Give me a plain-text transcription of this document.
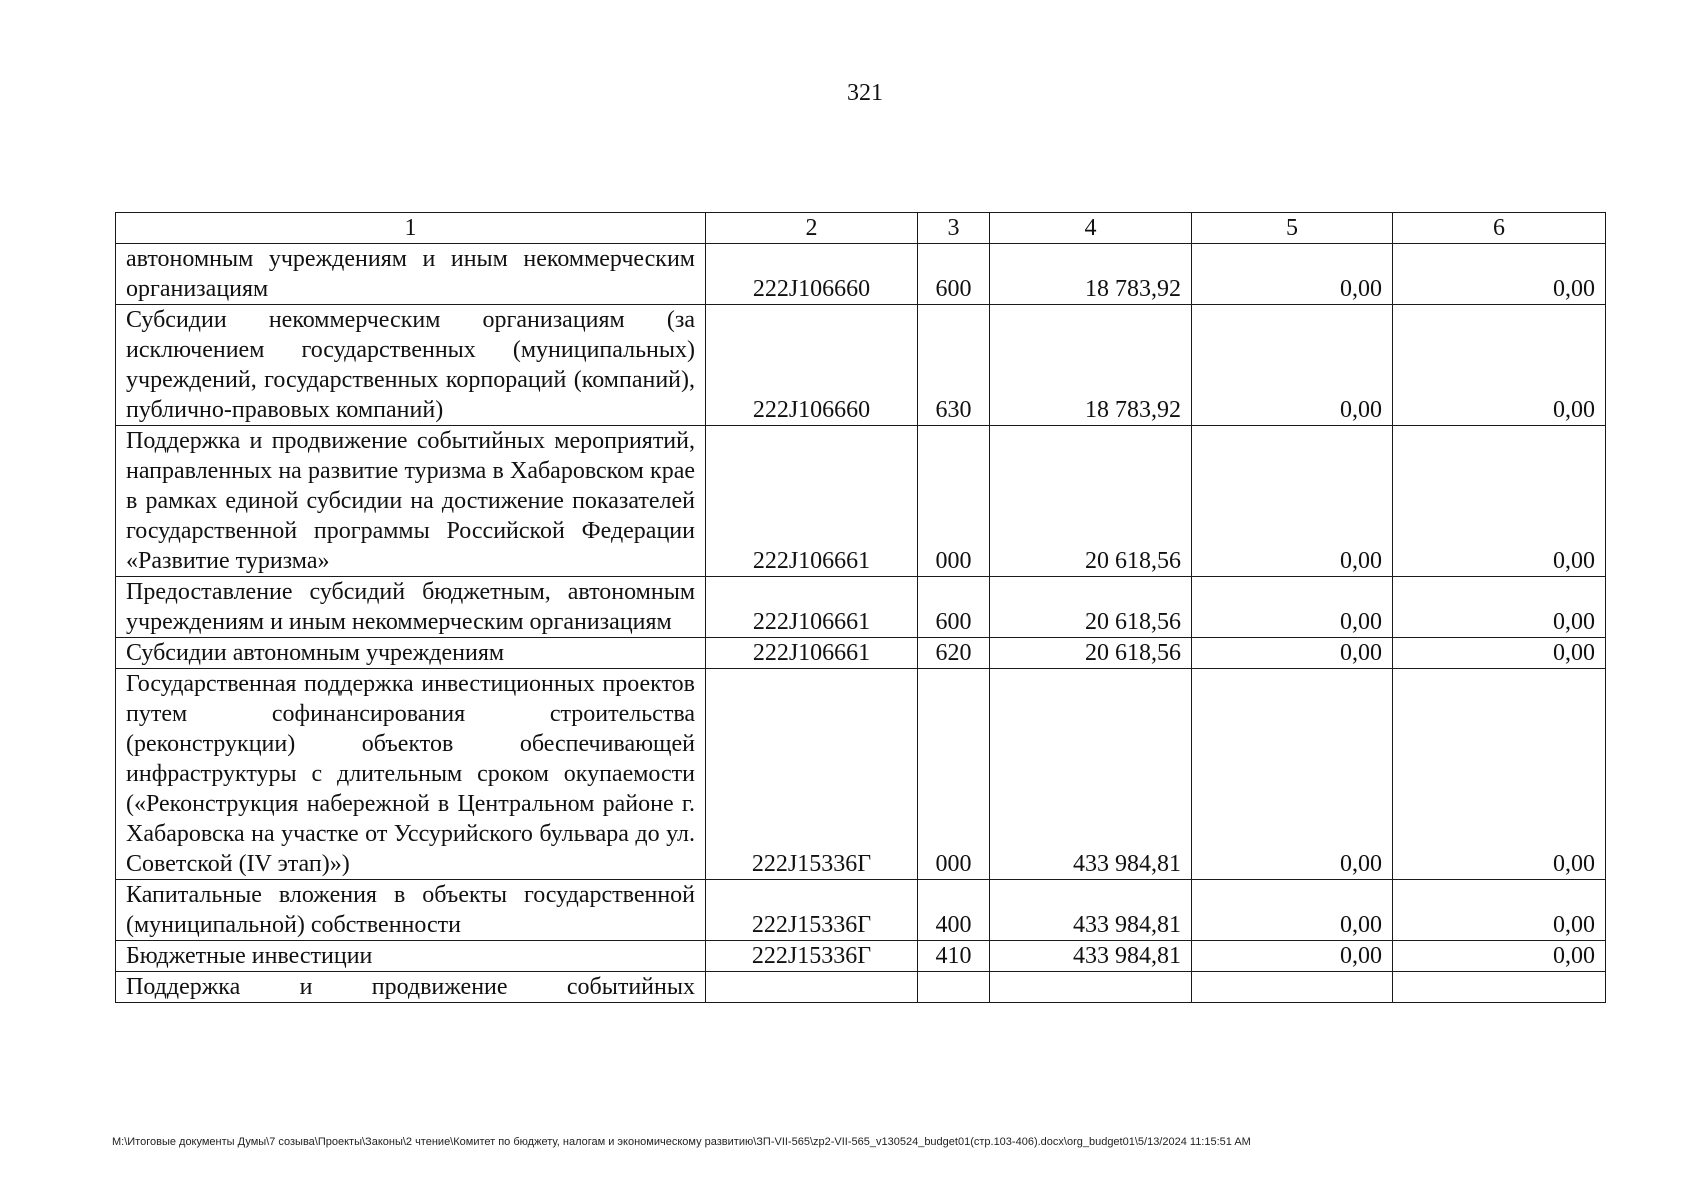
321
1	2	3	4	5	6

автономным учреждениям и иным некоммерческим организациям	222J106660	600	18 783,92	0,00	0,00

Субсидии некоммерческим организациям (за исключением государственных (муниципальных) учреждений, государственных корпораций (компаний), публично-правовых компаний)	222J106660	630	18 783,92	0,00	0,00

Поддержка и продвижение событийных мероприятий, направленных на развитие туризма в Хабаровском крае в рамках единой субсидии на достижение показателей государственной программы Российской Федерации «Развитие туризма»	222J106661	000	20 618,56	0,00	0,00

Предоставление субсидий бюджетным, автономным учреждениям и иным некоммерческим организациям	222J106661	600	20 618,56	0,00	0,00

Субсидии автономным учреждениям	222J106661	620	20 618,56	0,00	0,00

Государственная поддержка инвестиционных проектов путем софинансирования строительства (реконструкции) объектов обеспечивающей инфраструктуры с длительным сроком окупаемости («Реконструкция набережной в Центральном районе г. Хабаровска на участке от Уссурийского бульвара до ул. Советской (IV этап)»)	222J15336Г	000	433 984,81	0,00	0,00

Капитальные вложения в объекты государственной (муниципальной) собственности	222J15336Г	400	433 984,81	0,00	0,00

Бюджетные инвестиции	222J15336Г	410	433 984,81	0,00	0,00

Поддержка и продвижение событийных					

M:\Итоговые документы Думы\7 созыва\Проекты\Законы\2 чтение\Комитет по бюджету, налогам и экономическому развитию\ЗП-VII-565\zp2-VII-565_v130524_budget01(стр.103-406).docx\org_budget01\5/13/2024 11:15:51 AM
